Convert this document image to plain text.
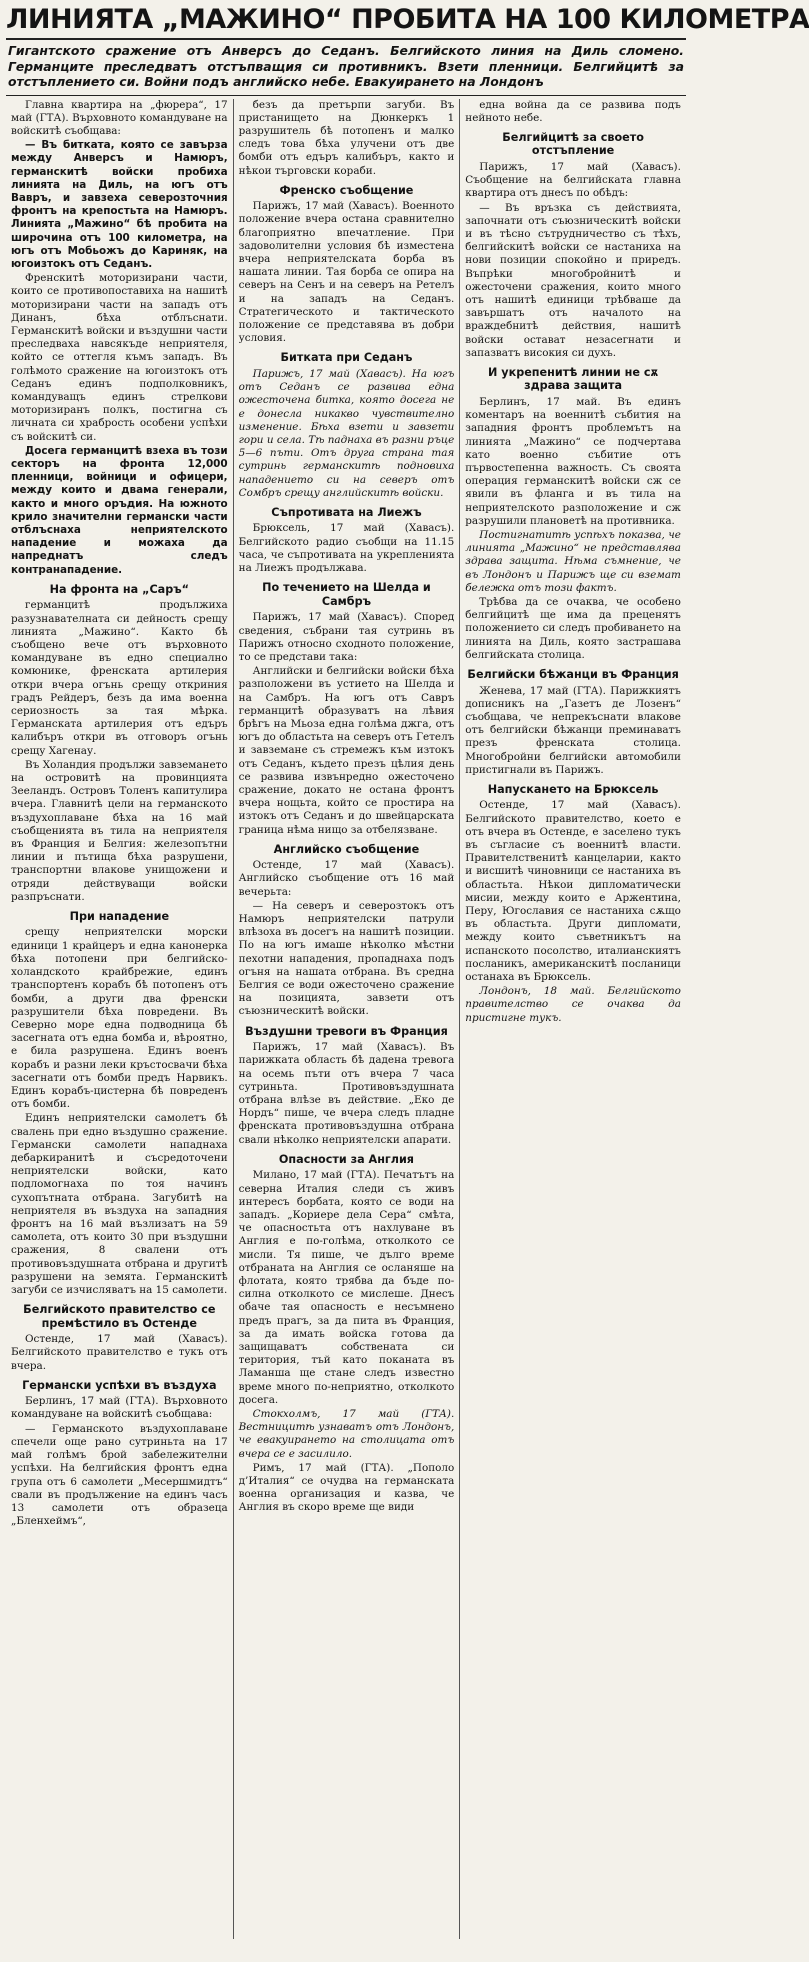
ЛИНИЯТА „МАЖИНО“ ПРОБИТА НА 100 КИЛОМЕТРА
Гигантското сражение отъ Анверсъ до Седанъ. Белгийското линия на Диль сломено. Германците преследватъ отстъпващия си противникъ. Взети пленници. Белгийцитѣ за отстъплението си. Войни подъ английско небе. Евакуирането на Лондонъ

Главна квартира на „фюрера“, 17 май (ГТА). Върховното командуване на войскитѣ съобщава:

— Въ битката, която се завърза между Анверсъ и Намюръ, германскитѣ войски пробиха линията на Диль, на югъ отъ Вавръ, и завзеха северозточния фронтъ на крепостьта на Намюръ. Линията „Мажино“ бѣ пробита на широчина отъ 100 километра, на югъ отъ Мобьожъ до Кариняк, на югоизтокъ отъ Седанъ.

Френскитѣ моторизирани части, които се противопоставиха на нашитѣ моторизирани части на западъ отъ Динанъ, бѣха отблъснати. Германскитѣ войски и въздушни части преследваха навсякъде неприятеля, който се оттегля къмъ западъ. Въ голѣмото сражение на югоизтокъ отъ Седанъ единъ подполковникъ, командуващъ единъ стрелкови моторизиранъ полкъ, постигна съ личната си храбрость особени успѣхи съ войскитѣ си.

Досега германцитѣ взеха въ този секторъ на фронта 12,000 пленници, войници и офицери, между които и двама генерали, както и много оръдия. На южното крило значителни германски части отблъснаха неприятелското нападение и можаха да напреднатъ следъ контранападение.

На фронта на „Саръ“

германцитѣ продължиха разузнавателната си дейность срещу линията „Мажино“. Както бѣ съобщено вече отъ върховното командуване въ едно специално комюнике, френската артилерия откри вчера огънь срещу откриния градъ Рейдеръ, безъ да има военна сериозность за тая мѣрка. Германската артилерия отъ едъръ калибъръ откри въ отговоръ огънь срещу Хагенау.

Въ Холандия продължи завземането на островитѣ на провинцията Зееландъ. Островъ Толенъ капитулира вчера. Главнитѣ цели на германското въздухоплаване бѣха на 16 май съобщенията въ тила на неприятеля въ Франция и Белгия: железопътни линии и пътища бѣха разрушени, транспортни влакове унищожени и отряди действуващи войски разпръснати.

При нападение

срещу неприятелски морски единици 1 крайцеръ и една канонерка бѣха потопени при белгийско-холандското крайбрежие, единъ транспортенъ корабъ бѣ потопенъ отъ бомби, а други два френски разрушители бѣха повредени. Въ Северно море една подводница бѣ засегната отъ една бомба и, вѣроятно, е била разрушена. Единъ военъ корабъ и разни леки кръстосвачи бѣха засегнати отъ бомби предъ Нарвикъ. Единъ корабъ-цистерна бѣ повреденъ отъ бомби.

Единъ неприятелски самолетъ бѣ свалень при едно въздушно сражение. Германски самолети нападнаха дебаркиранитѣ и съсредоточени неприятелски войски, като подломогнаха по тоя начинъ сухопътната отбрана. Загубитѣ на неприятеля въ въздуха на западния фронтъ на 16 май възлизатъ на 59 самолета, отъ които 30 при въздушни сражения, 8 свалени отъ противовъздушната отбрана и другитѣ разрушени на земята. Германскитѣ загуби се изчисляватъ на 15 самолети.

Белгийското правителство се премѣстило въ Остенде

Остенде, 17 май (Хавасъ). Белгийското правителство е тукъ отъ вчера.

Германски успѣхи въ въздуха

Берлинъ, 17 май (ГТА). Върховното командуване на войскитѣ съобщава:

— Германското въздухоплаване спечели още рано сутриньта на 17 май голѣмъ брой забележителни успѣхи. На белгийския фронтъ една група отъ 6 самолети „Месершмидтъ“ свали въ продължение на единъ часъ 13 самолети отъ образеца „Бленхеймъ“,

безъ да претърпи загуби. Въ пристанището на Дюнкеркъ 1 разрушитель бѣ потопенъ и малко следъ това бѣха улучени отъ две бомби отъ едъръ калибъръ, както и нѣкои търговски кораби.

Френско съобщение

Парижъ, 17 май (Хавасъ). Военното положение вчера остана сравнително благоприятно впечатление. При задоволителни условия бѣ изместена вчера неприятелската борба въ нашата линии. Тая борба се опира на северъ на Сенъ и на северъ на Ретелъ и на западъ на Седанъ. Стратегическото и тактическото положение се представява въ добри условия.

Битката при Седанъ

Парижъ, 17 май (Хавасъ). На югъ отъ Седанъ се развива една ожесточена битка, която досега не е донесла никакво чувствително изменение. Бѣха взети и завзети гори и села. Тѣ паднаха въ разни ръце 5—6 пъти. Отъ друга страна тая сутринь германскитѣ подновиха нападението си на северъ отъ Сомбръ срещу английскитѣ войски.

Съпротивата на Лиежъ

Брюксель, 17 май (Хавасъ). Белгийското радио съобщи на 11.15 часа, че съпротивата на укрепленията на Лиежъ продължава.

По течението на Шелда и Самбръ

Парижъ, 17 май (Хавасъ). Според сведения, събрани тая сутринь въ Парижъ относно сходното положение, то се представи така:

Английски и белгийски войски бѣха разположени въ устието на Шелда и на Самбръ. На югъ отъ Савръ германцитѣ образуватъ на лѣвия брѣгъ на Мьоза една голѣма джга, отъ югъ до областьта на северъ отъ Гетелъ и завземане съ стремежъ към изтокъ отъ Седанъ, където презъ цѣлия день се развива извънредно ожесточено сражение, докато не остана фронтъ вчера нощьта, който се простира на изтокъ отъ Седанъ и до швейцарската граница нѣма нищо за отбелязване.

Английско съобщение

Остенде, 17 май (Хавасъ). Английско съобщение отъ 16 май вечерьта:

— На северъ и северозтокъ отъ Намюръ неприятелски патрули влѣзоха въ досегъ на нашитѣ позиции. По на югъ имаше нѣколко мѣстни пехотни нападения, пропаднаха подъ огъня на нашата отбрана. Въ средна Белгия се води ожесточено сражение на позицията, завзети отъ съюзническитѣ войски.

Въздушни тревоги въ Франция

Парижъ, 17 май (Хавасъ). Въ парижката область бѣ дадена тревога на осемь пъти отъ вчера 7 часа сутриньта. Противовъздушната отбрана влѣзе въ действие. „Еко де Нордъ“ пише, че вчера следъ пладне френската противовъздушна отбрана свали нѣколко неприятелски апарати.

Опасности за Англия

Милано, 17 май (ГТА). Печатътъ на северна Италия следи съ живъ интересъ борбата, която се води на западъ. „Кориере дела Сера“ смѣта, че опасностьта отъ нахлуване въ Англия е по-голѣма, отколкото се мисли. Тя пише, че дълго време отбраната на Англия се осланяше на флотата, която трябва да бъде по-силна отколкото се мислеше. Днесъ обаче тая опасность е несъмнено предъ прагъ, за да пита въ Франция, за да имать войска готова да защищаватъ собствената си територия, тъй като поканата въ Ламанша ще стане следъ известно време много по-неприятно, отколкото досега.

Стокхолмъ, 17 май (ГТА). Вестницитѣ узнаватъ отъ Лондонъ, че евакуирането на столицата отъ вчера се е засилило.

Римъ, 17 май (ГТА). „Пополо д’Италия“ се очудва на германската военна организация и казва, че Англия въ скоро време ще види

една война да се развива подъ нейното небе.

Белгийцитѣ за своето отстъпление

Парижъ, 17 май (Хавасъ). Съобщение на белгийската главна квартира отъ днесъ по обѣдъ:

— Въ връзка съ действията, започнати отъ съюзническитѣ войски и въ тѣсно сътрудничество съ тѣхъ, белгийскитѣ войски се настаниха на нови позиции спокойно и приредъ. Въпрѣки многобройнитѣ и ожесточени сражения, които много отъ нашитѣ единици трѣбваше да завършатъ отъ началото на враждебнитѣ действия, нашитѣ войски остават незасегнати и запазватъ високия си духъ.

И укрепенитѣ линии не сѫ здрава защита

Берлинъ, 17 май. Въ единъ коментаръ на военнитѣ събития на западния фронтъ проблемътъ на линията „Мажино“ се подчертава като военно събитие отъ първостепенна важность. Съ своята операция германскитѣ войски сж се явили въ фланга и въ тила на неприятелското разположение и сж разрушили плановетѣ на противника.

Постигнатитѣ успѣхъ показва, че линията „Мажино“ не представлява здрава защита. Нѣма съмнение, че въ Лондонъ и Парижъ ще си вземат бележка отъ този фактъ.

Трѣбва да се очаква, че особено белгийцитѣ ще има да преценятъ положението си следъ пробиването на линията на Диль, която застрашава белгийската столица.

Белгийски бѣжанци въ Франция

Женева, 17 май (ГТА). Парижкиятъ дописникъ на „Газетъ де Лозенъ“ съобщава, че непрекъснати влакове отъ белгийски бѣжанци преминаватъ презъ френската столица. Многобройни белгийски автомобили пристигнали въ Парижъ.

Напускането на Брюксель

Остенде, 17 май (Хавасъ). Белгийското правителство, което е отъ вчера въ Остенде, е заселено тукъ въ съгласие съ военнитѣ власти. Правителственитѣ канцеларии, както и висшитѣ чиновници се настаниха въ областьта. Нѣкои дипломатически мисии, между които е Аржентина, Перу, Югославия се настаниха сѫщо въ областьта. Други дипломати, между които съветникътъ на испанското посолство, италианскиятъ посланикъ, американскитѣ посланици останаха въ Брюксель.

Лондонъ, 18 май. Белгийското правителство се очаква да пристигне тукъ.
